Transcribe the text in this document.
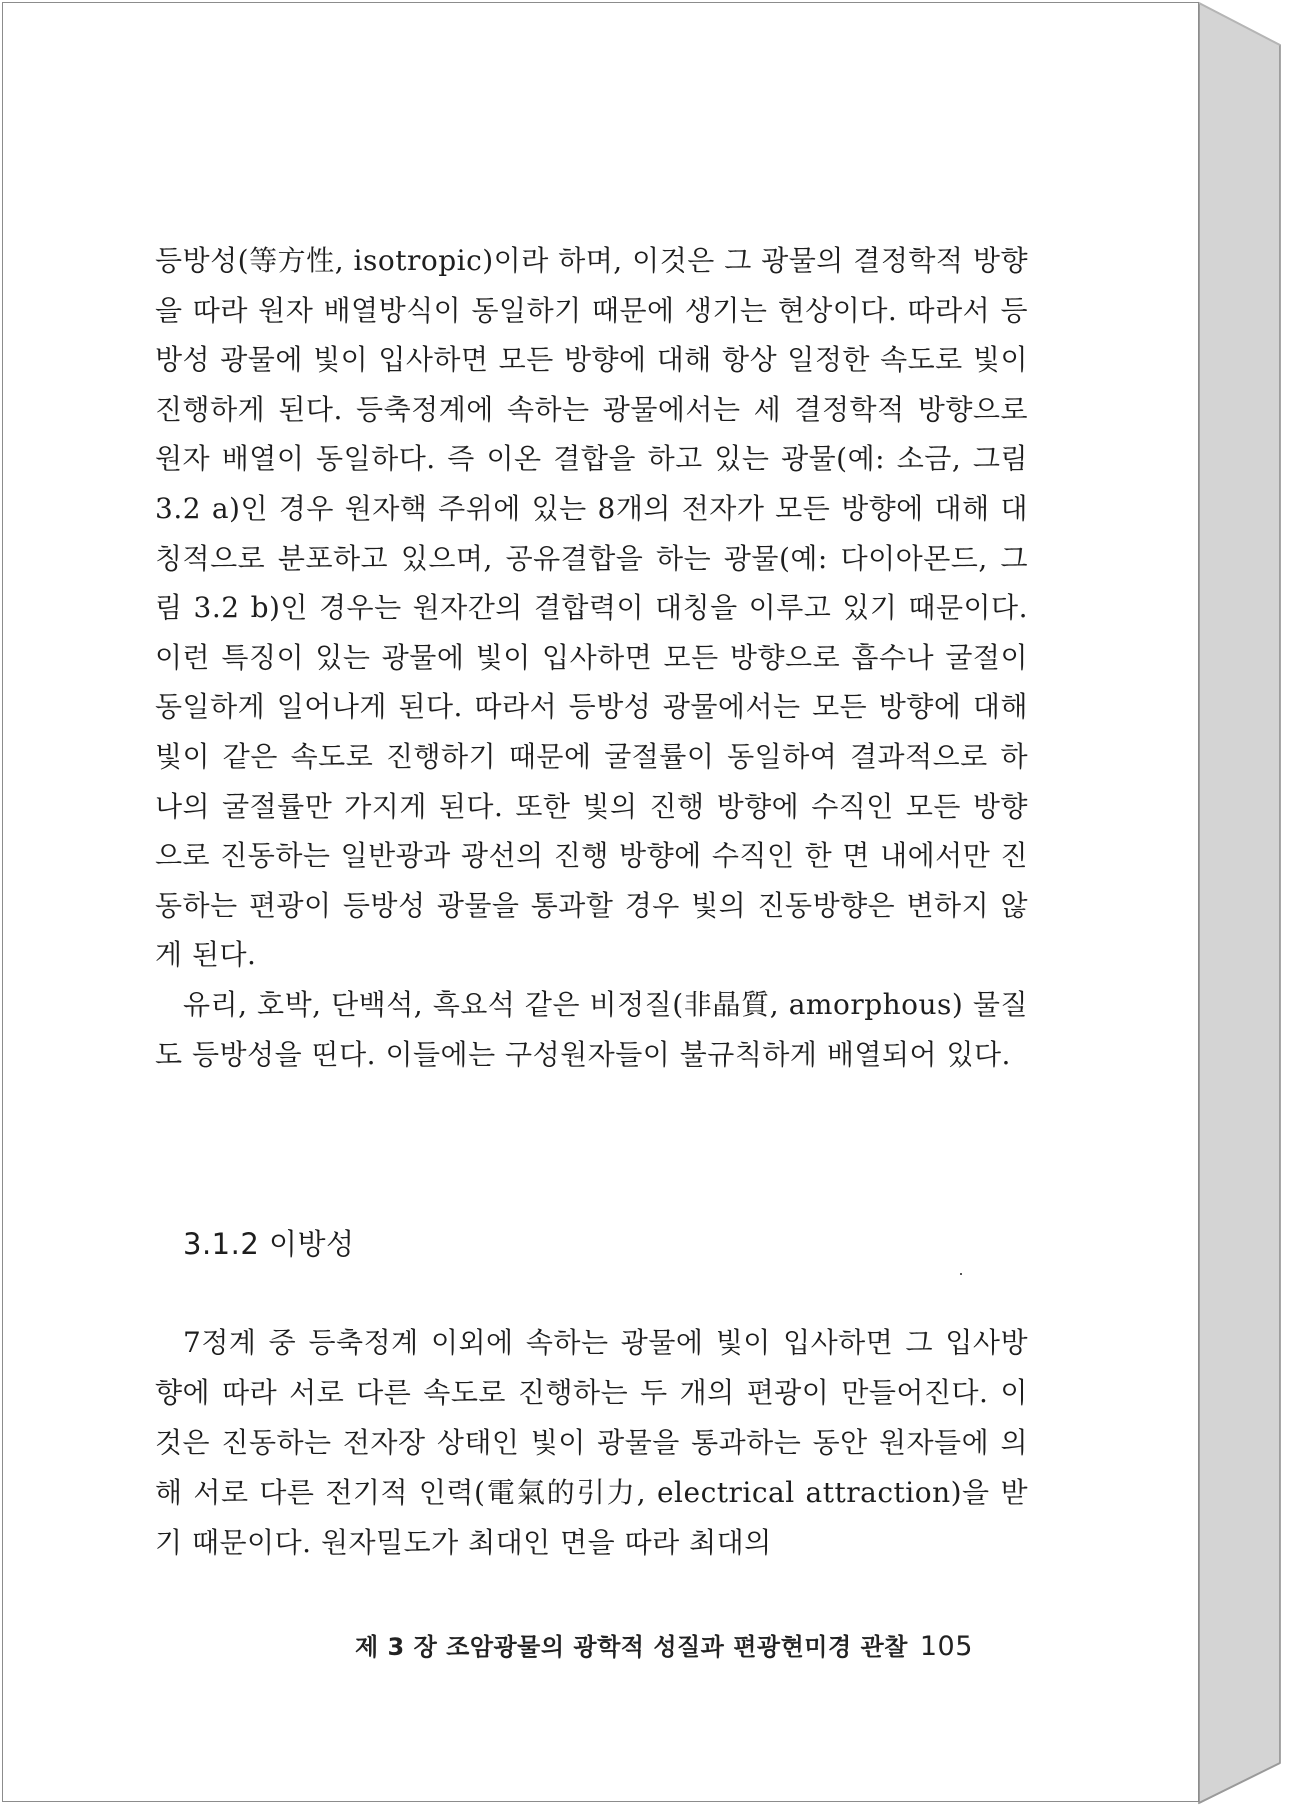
등방성(等方性, isotropic)이라 하며, 이것은 그 광물의 결정학적 방향을 따라 원자 배열방식이 동일하기 때문에 생기는 현상이다. 따라서 등방성 광물에 빛이 입사하면 모든 방향에 대해 항상 일정한 속도로 빛이 진행하게 된다. 등축정계에 속하는 광물에서는 세 결정학적 방향으로 원자 배열이 동일하다. 즉 이온 결합을 하고 있는 광물(예: 소금, 그림 3.2 a)인 경우 원자핵 주위에 있는 8개의 전자가 모든 방향에 대해 대칭적으로 분포하고 있으며, 공유결합을 하는 광물(예: 다이아몬드, 그림 3.2 b)인 경우는 원자간의 결합력이 대칭을 이루고 있기 때문이다. 이런 특징이 있는 광물에 빛이 입사하면 모든 방향으로 흡수나 굴절이 동일하게 일어나게 된다. 따라서 등방성 광물에서는 모든 방향에 대해 빛이 같은 속도로 진행하기 때문에 굴절률이 동일하여 결과적으로 하나의 굴절률만 가지게 된다. 또한 빛의 진행 방향에 수직인 모든 방향으로 진동하는 일반광과 광선의 진행 방향에 수직인 한 면 내에서만 진동하는 편광이 등방성 광물을 통과할 경우 빛의 진동방향은 변하지 않게 된다.

유리, 호박, 단백석, 흑요석 같은 비정질(非晶質, amorphous) 물질도 등방성을 띤다. 이들에는 구성원자들이 불규칙하게 배열되어 있다.

3.1.2 이방성

7정계 중 등축정계 이외에 속하는 광물에 빛이 입사하면 그 입사방향에 따라 서로 다른 속도로 진행하는 두 개의 편광이 만들어진다. 이것은 진동하는 전자장 상태인 빛이 광물을 통과하는 동안 원자들에 의해 서로 다른 전기적 인력(電氣的引力, electrical attraction)을 받기 때문이다. 원자밀도가 최대인 면을 따라 최대의

제 3 장 조암광물의 광학적 성질과 편광현미경 관찰 105
